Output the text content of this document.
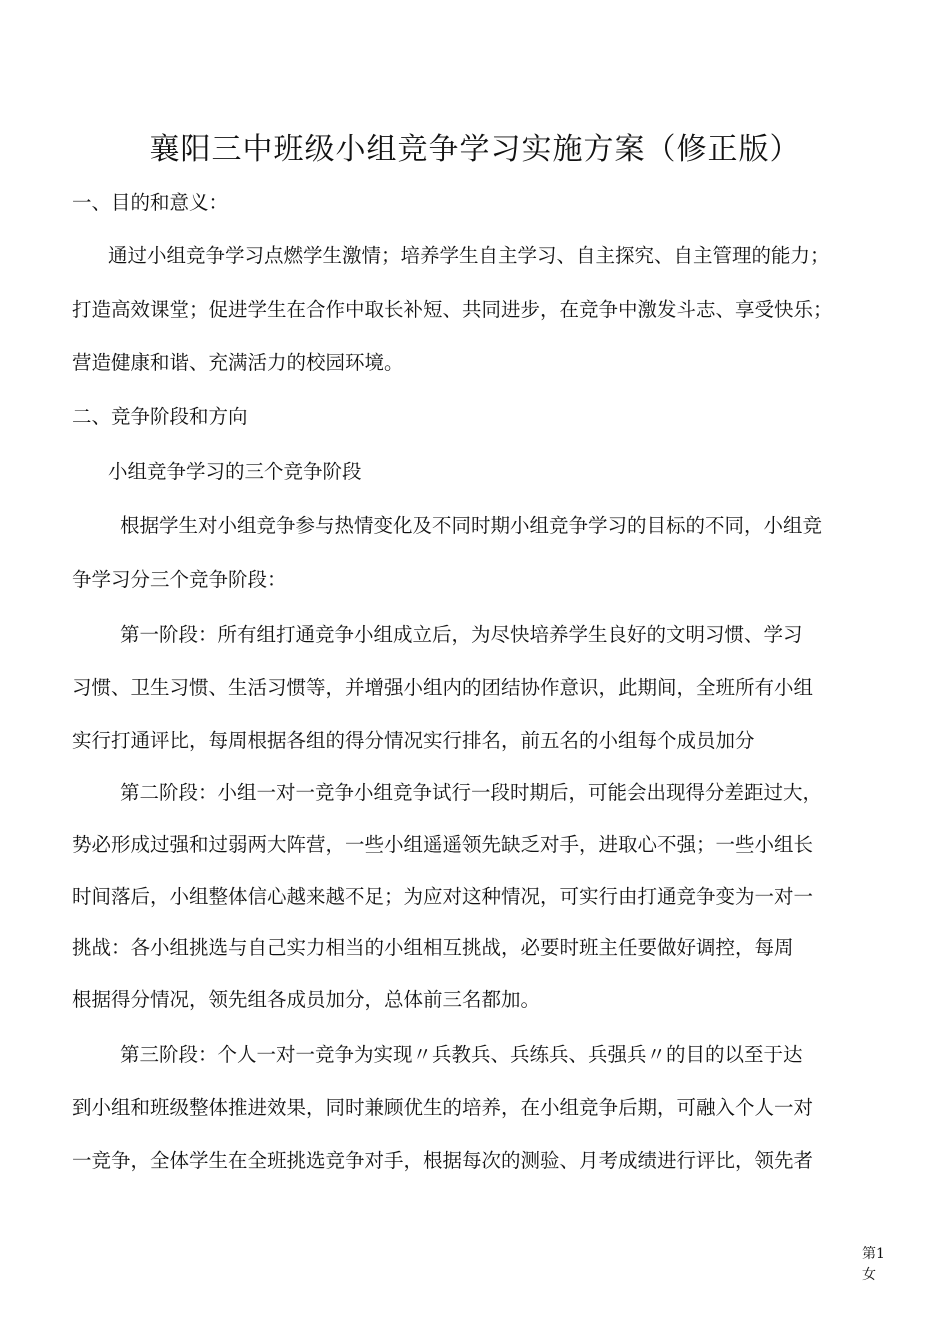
襄阳三中班级小组竞争学习实施方案（修正版）
一、目的和意义：
通过小组竞争学习点燃学生激情；培养学生自主学习、自主探究、自主管理的能力；
打造高效课堂；促进学生在合作中取长补短、共同进步，在竞争中激发斗志、享受快乐；
营造健康和谐、充满活力的校园环境。
二、竞争阶段和方向
小组竞争学习的三个竞争阶段
根据学生对小组竞争参与热情变化及不同时期小组竞争学习的目标的不同，小组竞
争学习分三个竞争阶段：
第一阶段：所有组打通竞争小组成立后，为尽快培养学生良好的文明习惯、学习
习惯、卫生习惯、生活习惯等，并增强小组内的团结协作意识，此期间，全班所有小组
实行打通评比，每周根据各组的得分情况实行排名，前五名的小组每个成员加分
第二阶段：小组一对一竞争小组竞争试行一段时期后，可能会出现得分差距过大，
势必形成过强和过弱两大阵营，一些小组遥遥领先缺乏对手，进取心不强；一些小组长
时间落后，小组整体信心越来越不足；为应对这种情况，可实行由打通竞争变为一对一
挑战：各小组挑选与自己实力相当的小组相互挑战，必要时班主任要做好调控，每周
根据得分情况，领先组各成员加分，总体前三名都加。
第三阶段：个人一对一竞争为实现〃兵教兵、兵练兵、兵强兵〃的目的以至于达
到小组和班级整体推进效果，同时兼顾优生的培养，在小组竞争后期，可融入个人一对
一竞争，全体学生在全班挑选竞争对手，根据每次的测验、月考成绩进行评比，领先者
第1
女
